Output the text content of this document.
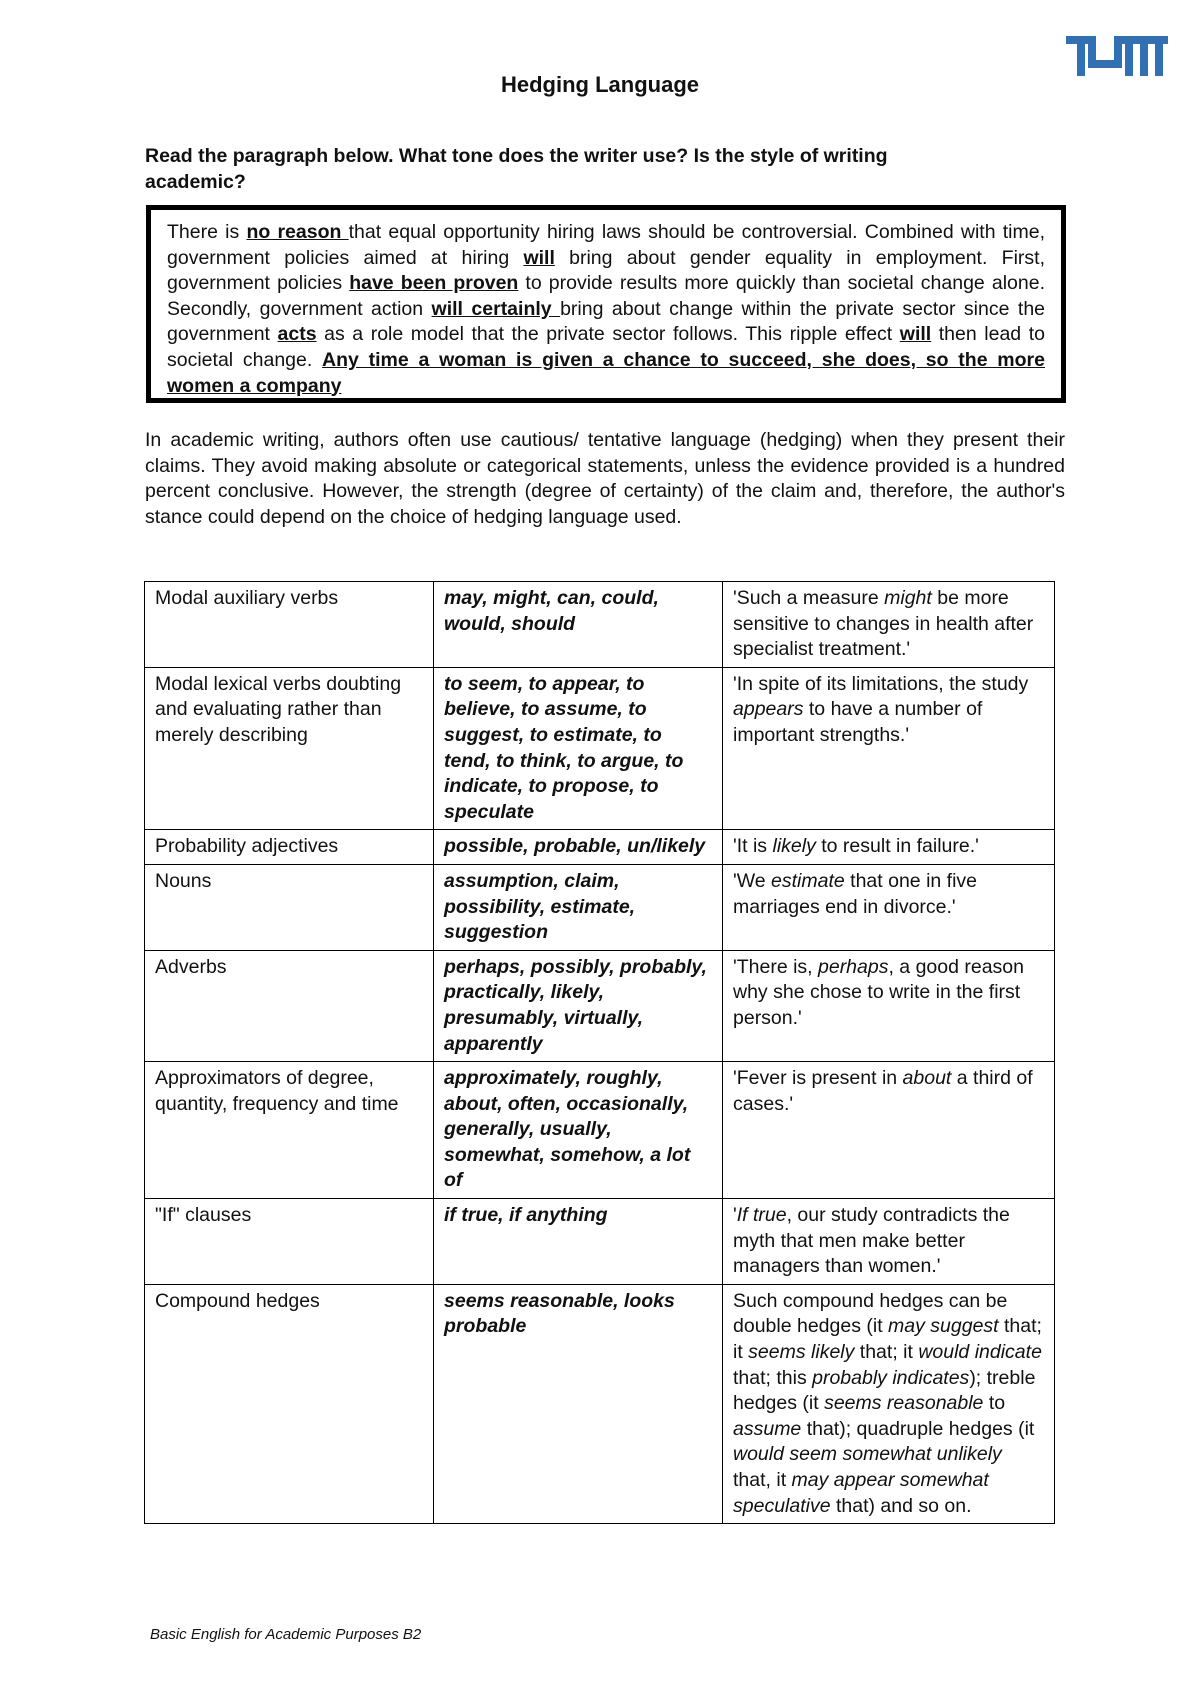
Hedging Language
Read the paragraph below. What tone does the writer use? Is the style of writing
academic?
There is no reason that equal opportunity hiring laws should be controversial. Combined with time, government policies aimed at hiring will bring about gender equality in employment. First, government policies have been proven to provide results more quickly than societal change alone. Secondly, government action will certainly bring about change within the private sector since the government acts as a role model that the private sector follows. This ripple effect will then lead to societal change. Any time a woman is given a chance to succeed, she does, so the more women a company
In academic writing, authors often use cautious/ tentative language (hedging) when they present their claims. They avoid making absolute or categorical statements, unless the evidence provided is a hundred percent conclusive. However, the strength (degree of certainty) of the claim and, therefore, the author's stance could depend on the choice of hedging language used.
Modal auxiliary verbs	may, might, can, could, would, should	'Such a measure might be more sensitive to changes in health after specialist treatment.'
Modal lexical verbs doubting and evaluating rather than merely describing	to seem, to appear, to believe, to assume, to suggest, to estimate, to tend, to think, to argue, to indicate, to propose, to speculate	'In spite of its limitations, the study appears to have a number of important strengths.'
Probability adjectives	possible, probable, un/likely	'It is likely to result in failure.'
Nouns	assumption, claim, possibility, estimate, suggestion	'We estimate that one in five marriages end in divorce.'
Adverbs	perhaps, possibly, probably, practically, likely, presumably, virtually, apparently	'There is, perhaps, a good reason why she chose to write in the first person.'
Approximators of degree, quantity, frequency and time	approximately, roughly, about, often, occasionally, generally, usually, somewhat, somehow, a lot of	'Fever is present in about a third of cases.'
"If" clauses	if true, if anything	'If true, our study contradicts the myth that men make better managers than women.'
Compound hedges	seems reasonable, looks probable	Such compound hedges can be double hedges (it may suggest that; it seems likely that; it would indicate that; this probably indicates); treble hedges (it seems reasonable to assume that); quadruple hedges (it would seem somewhat unlikely that, it may appear somewhat speculative that) and so on.
Basic English for Academic Purposes B2
